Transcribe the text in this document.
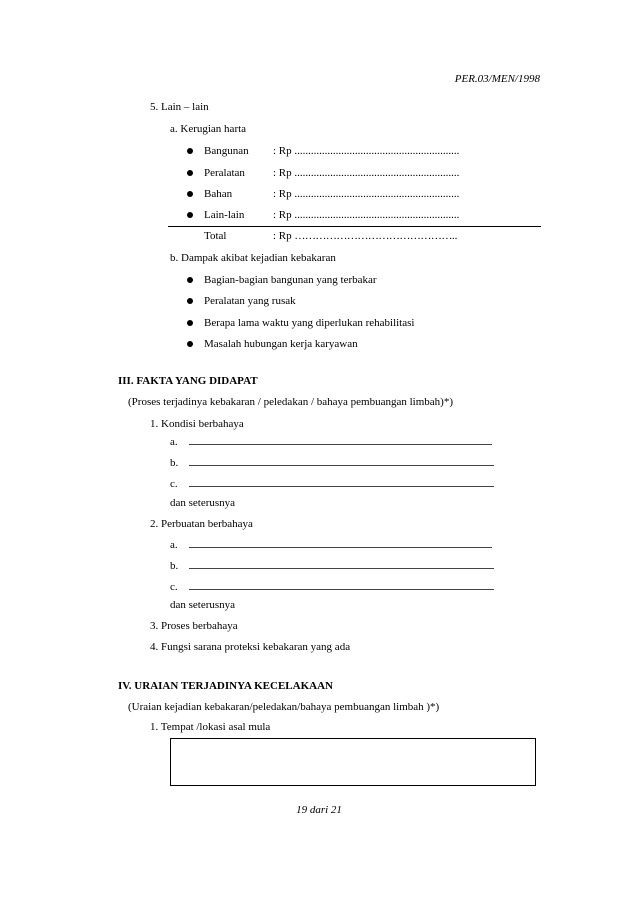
PER.03/MEN/1998
5. Lain – lain
a. Kerugian harta
Bangunan : Rp ............................................................
Peralatan	: Rp ............................................................
Bahan	: Rp ............................................................
Lain-lain	: Rp ............................................................
Total	: Rp ………………………………………..
b. Dampak akibat kejadian kebakaran
Bagian-bagian bangunan yang terbakar
Peralatan yang rusak
Berapa lama waktu yang diperlukan rehabilitasi
Masalah hubungan kerja karyawan
III. FAKTA YANG DIDAPAT
(Proses terjadinya kebakaran / peledakan / bahaya pembuangan limbah)*)
1. Kondisi berbahaya
a.
b.
c.
dan seterusnya
2. Perbuatan berbahaya
a.
b.
c.
dan seterusnya
3. Proses berbahaya
4. Fungsi sarana proteksi kebakaran yang ada
IV. URAIAN TERJADINYA KECELAKAAN
(Uraian kejadian kebakaran/peledakan/bahaya pembuangan limbah )*)
1. Tempat /lokasi asal mula
19 dari 21
